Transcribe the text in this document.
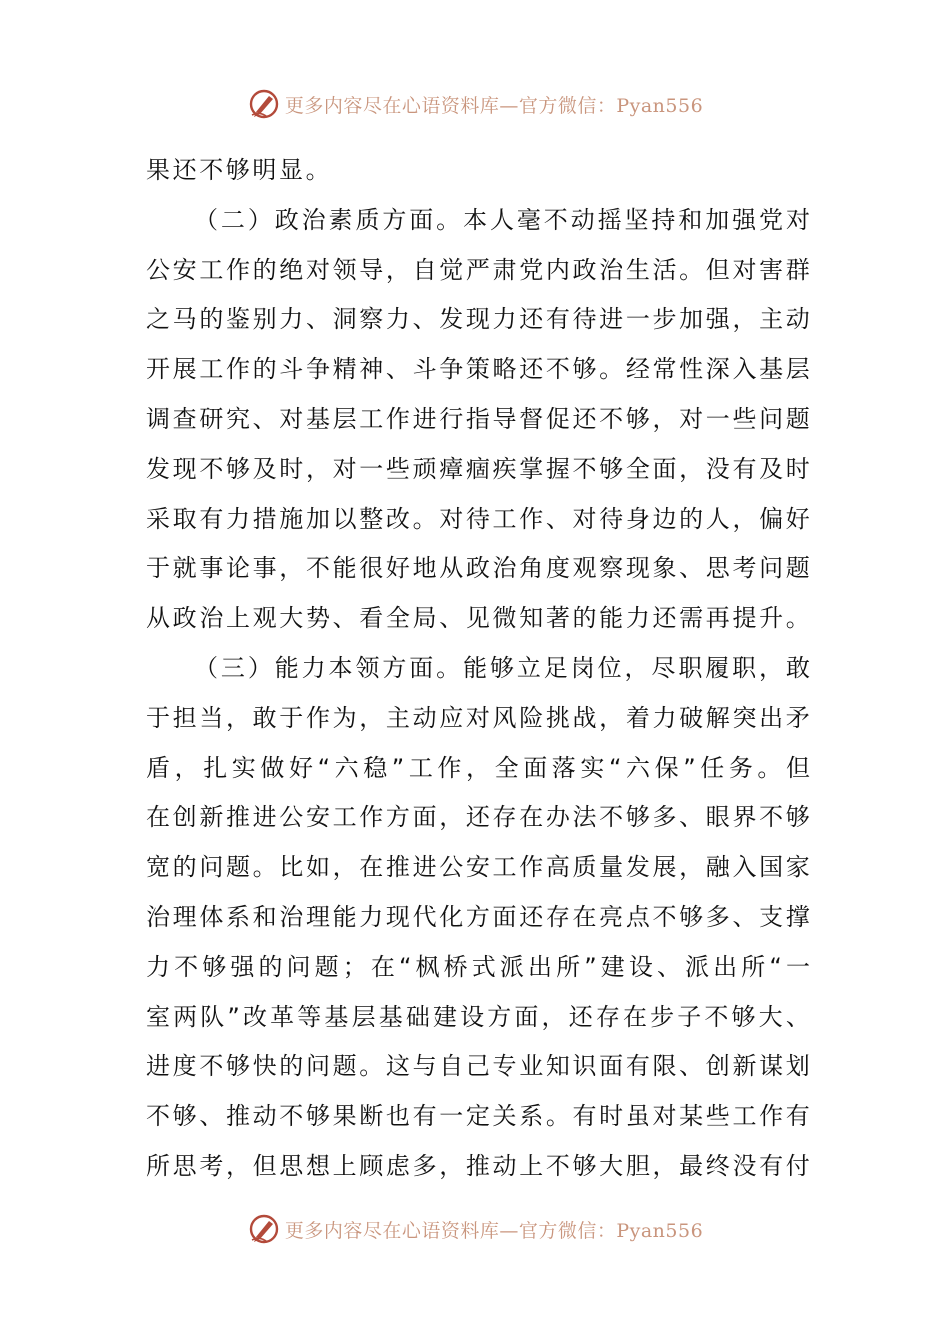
更多内容尽在心语资料库—官方微信：Pyan556
果还不够明显。
（ 二 ） 政 治 素 质 方 面 。 本 人 毫 不 动 摇 坚 持 和 加 强 党 对
公 安 工 作 的 绝 对 领 导 ， 自 觉 严 肃 党 内 政 治 生 活 。 但 对 害 群
之 马 的 鉴 别 力 、 洞 察 力 、 发 现 力 还 有 待 进 一 步 加 强 ， 主 动
开 展 工 作 的 斗 争 精 神 、 斗 争 策 略 还 不 够 。 经 常 性 深 入 基 层
调 查 研 究 、 对 基 层 工 作 进 行 指 导 督 促 还 不 够 ， 对 一 些 问 题
发 现 不 够 及 时 ， 对 一 些 顽 瘴 痼 疾 掌 握 不 够 全 面 ， 没 有 及 时
采 取 有 力 措 施 加 以 整 改 。 对 待 工 作 、 对 待 身 边 的 人 ， 偏 好
于 就 事 论 事 ， 不 能 很 好 地 从 政 治 角 度 观 察 现 象 、 思 考 问 题
从 政 治 上 观 大 势 、 看 全 局 、 见 微 知 著 的 能 力 还 需 再 提 升 。
（ 三 ） 能 力 本 领 方 面 。 能 够 立 足 岗 位 ， 尽 职 履 职 ， 敢
于 担 当 ， 敢 于 作 为 ， 主 动 应 对 风 险 挑 战 ， 着 力 破 解 突 出 矛
盾 ， 扎 实 做 好 “ 六 稳 ” 工 作 ， 全 面 落 实 “ 六 保 ” 任 务 。 但
在 创 新 推 进 公 安 工 作 方 面 ， 还 存 在 办 法 不 够 多 、 眼 界 不 够
宽 的 问 题 。 比 如 ， 在 推 进 公 安 工 作 高 质 量 发 展 ， 融 入 国 家
治 理 体 系 和 治 理 能 力 现 代 化 方 面 还 存 在 亮 点 不 够 多 、 支 撑
力 不 够 强 的 问 题 ； 在 “ 枫 桥 式 派 出 所 ” 建 设 、 派 出 所 “ 一
室 两 队 ” 改 革 等 基 层 基 础 建 设 方 面 ， 还 存 在 步 子 不 够 大 、
进 度 不 够 快 的 问 题 。 这 与 自 己 专 业 知 识 面 有 限 、 创 新 谋 划
不 够 、 推 动 不 够 果 断 也 有 一 定 关 系 。 有 时 虽 对 某 些 工 作 有
所 思 考 ， 但 思 想 上 顾 虑 多 ， 推 动 上 不 够 大 胆 ， 最 终 没 有 付
更多内容尽在心语资料库—官方微信：Pyan556
